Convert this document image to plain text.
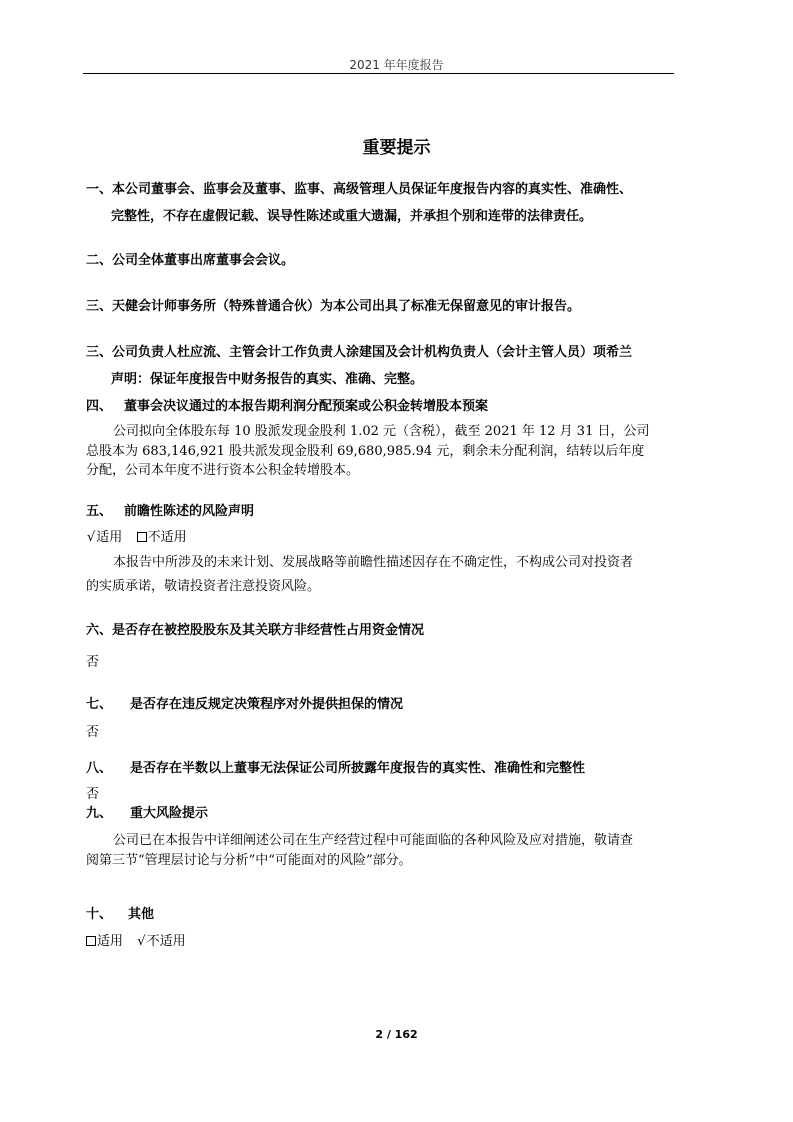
2021 年年度报告
重要提示
一、本公司董事会、监事会及董事、监事、高级管理人员保证年度报告内容的真实性、准确性、
完整性，不存在虚假记载、误导性陈述或重大遗漏，并承担个别和连带的法律责任。
二、公司全体董事出席董事会会议。
三、天健会计师事务所（特殊普通合伙）为本公司出具了标准无保留意见的审计报告。
三、公司负责人杜应流、主管会计工作负责人涂建国及会计机构负责人（会计主管人员）项希兰
声明：保证年度报告中财务报告的真实、准确、完整。
四、 董事会决议通过的本报告期利润分配预案或公积金转增股本预案
公司拟向全体股东每 10 股派发现金股利 1.02 元（含税），截至 2021 年 12 月 31 日，公司
总股本为 683,146,921 股共派发现金股利 69,680,985.94 元，剩余未分配利润，结转以后年度
分配，公司本年度不进行资本公积金转增股本。
五、 前瞻性陈述的风险声明
√适用 不适用
本报告中所涉及的未来计划、发展战略等前瞻性描述因存在不确定性，不构成公司对投资者
的实质承诺，敬请投资者注意投资风险。
六、是否存在被控股股东及其关联方非经营性占用资金情况
否
七、 是否存在违反规定决策程序对外提供担保的情况
否
八、 是否存在半数以上董事无法保证公司所披露年度报告的真实性、准确性和完整性
否
九、 重大风险提示
公司已在本报告中详细阐述公司在生产经营过程中可能面临的各种风险及应对措施，敬请查
阅第三节“管理层讨论与分析”中“可能面对的风险”部分。
十、 其他
适用 √不适用
2 / 162
